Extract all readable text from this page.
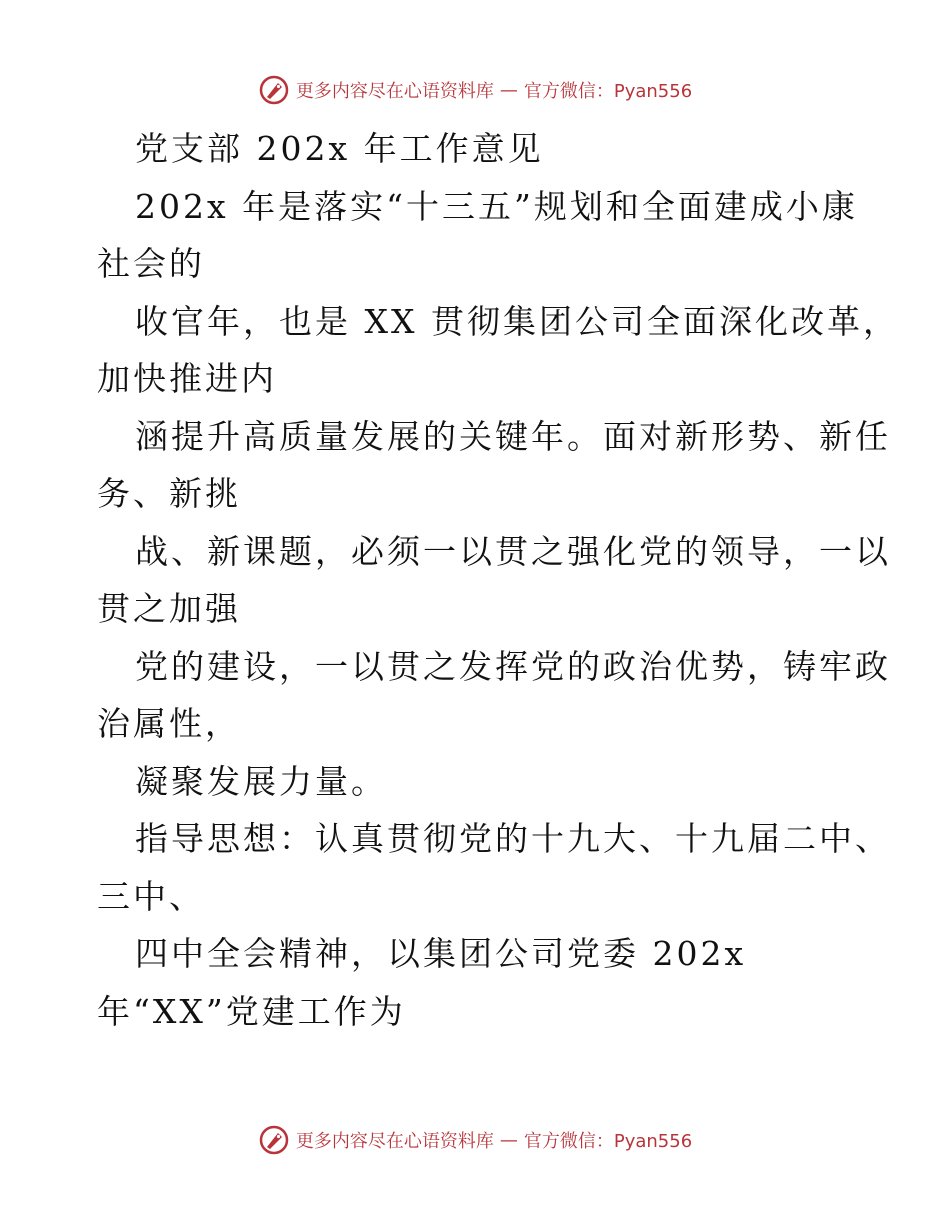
更多内容尽在心语资料库 — 官方微信：Pyan556
党支部 202x 年工作意见
202x 年是落实“十三五”规划和全面建成小康
社会的
收官年，也是 XX 贯彻集团公司全面深化改革，
加快推进内
涵提升高质量发展的关键年。面对新形势、新任
务、新挑
战、新课题，必须一以贯之强化党的领导，一以
贯之加强
党的建设，一以贯之发挥党的政治优势，铸牢政
治属性，
凝聚发展力量。
指导思想：认真贯彻党的十九大、十九届二中、
三中、
四中全会精神，以集团公司党委 202x
年“XX”党建工作为
更多内容尽在心语资料库 — 官方微信：Pyan556
